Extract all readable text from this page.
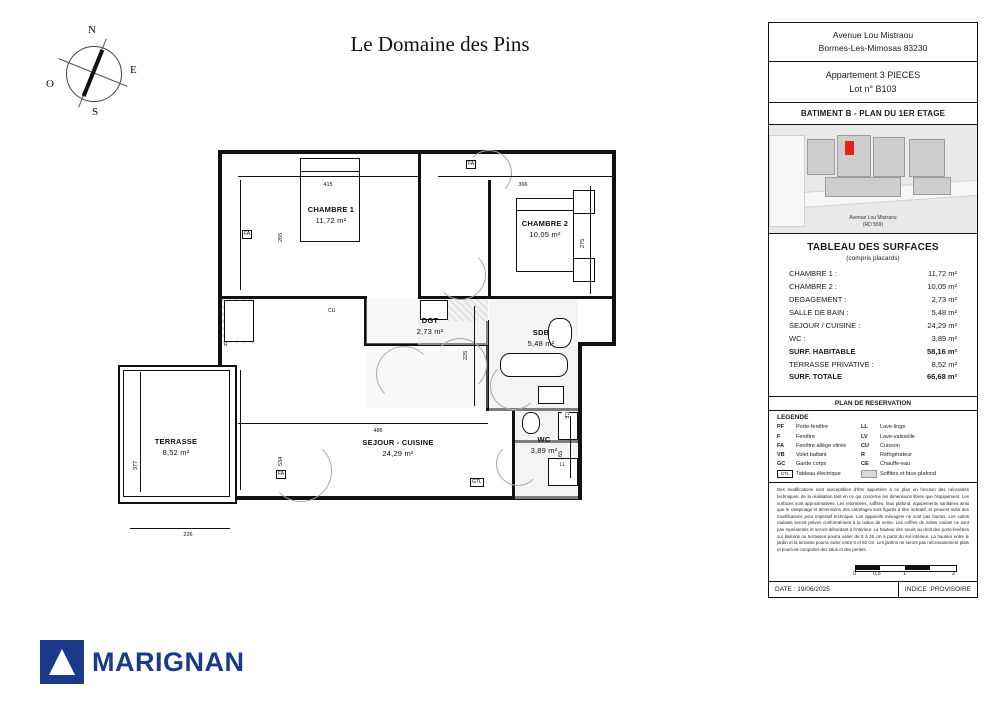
N
E
S
O
Le Domaine des Pins
CHAMBRE 1
11,72 m²	CHAMBRE 2
10,05 m²
DGT
2,73 m²	SDB
5,48 m²
WC
3,89 m²
SEJOUR - CUISINE
24,29 m²
TERRASSE
8,52 m²
415
265
366
275
225
165
486
534
377
226
FA
FA
FA
CU
R
GTL
LL
CE
MARIGNAN
Avenue Lou Mistraou
Bormes-Les-Mimosas 83230
Appartement 3 PIECES
Lot n° B103
BATIMENT B - PLAN DU 1ER ETAGE
Avenue Lou Mistraou
(RD 559)
TABLEAU DES SURFACES
(compris placards)
CHAMBRE 1 :	11,72 m²
CHAMBRE 2 :	10,05 m²
DEGAGEMENT :	2,73 m²
SALLE DE BAIN :	5,48 m²
SEJOUR / CUISINE :	24,29 m²
WC :	3,89 m²
SURF. HABITABLE	58,16 m²
TERRASSE PRIVATIVE :	8,52 m²
SURF. TOTALE	66,68 m²
PLAN DE RESERVATION
LEGENDE
PF	Porte-fenêtre	LL	Lave-linge
F	Fenêtre	LV	Lave-vaisselle
FA	Fenêtre allège vitrée	CU	Cuisson
VB	Volet battant	R	Réfrigérateur
GC	Garde corps	CE	Chauffe-eau
GTL	Tableau électrique	Soffites et faux-plafond
Des modifications sont susceptibles d'être apportées à ce plan en fonction des nécessités techniques, de la réalisation tant en ce qui concerne les dimensions libres que l'équipement. Les surfaces sont approximatives. Les retombées, soffites, faux plafond, équipements sanitaires ainsi que le calepinage et dimensions des carrelages sont figurés à titre indicatif, et peuvent subir des modifications pour impératif technique. Les appareils ménagers ne sont pas fournis. Les volets roulants seront prévus conformément à la notice de vente. Les coffres de volets roulant ne sont pas représentés et seront débordant à l'intérieur. La hauteur des seuils au droit des porte-fenêtres sur balcons ou terrasses pourra varier de 5 à 35 cm à partir du sol intérieur. La hauteur entre le jardin et la terrasse pourra varier entre 0 et 60 cm. Les jardins ne seront pas nécessairement plats et pourront comporter des talus et des pentes.
0	0,5	1	2
DATE : 19/06/2025	INDICE :PROVISOIRE
